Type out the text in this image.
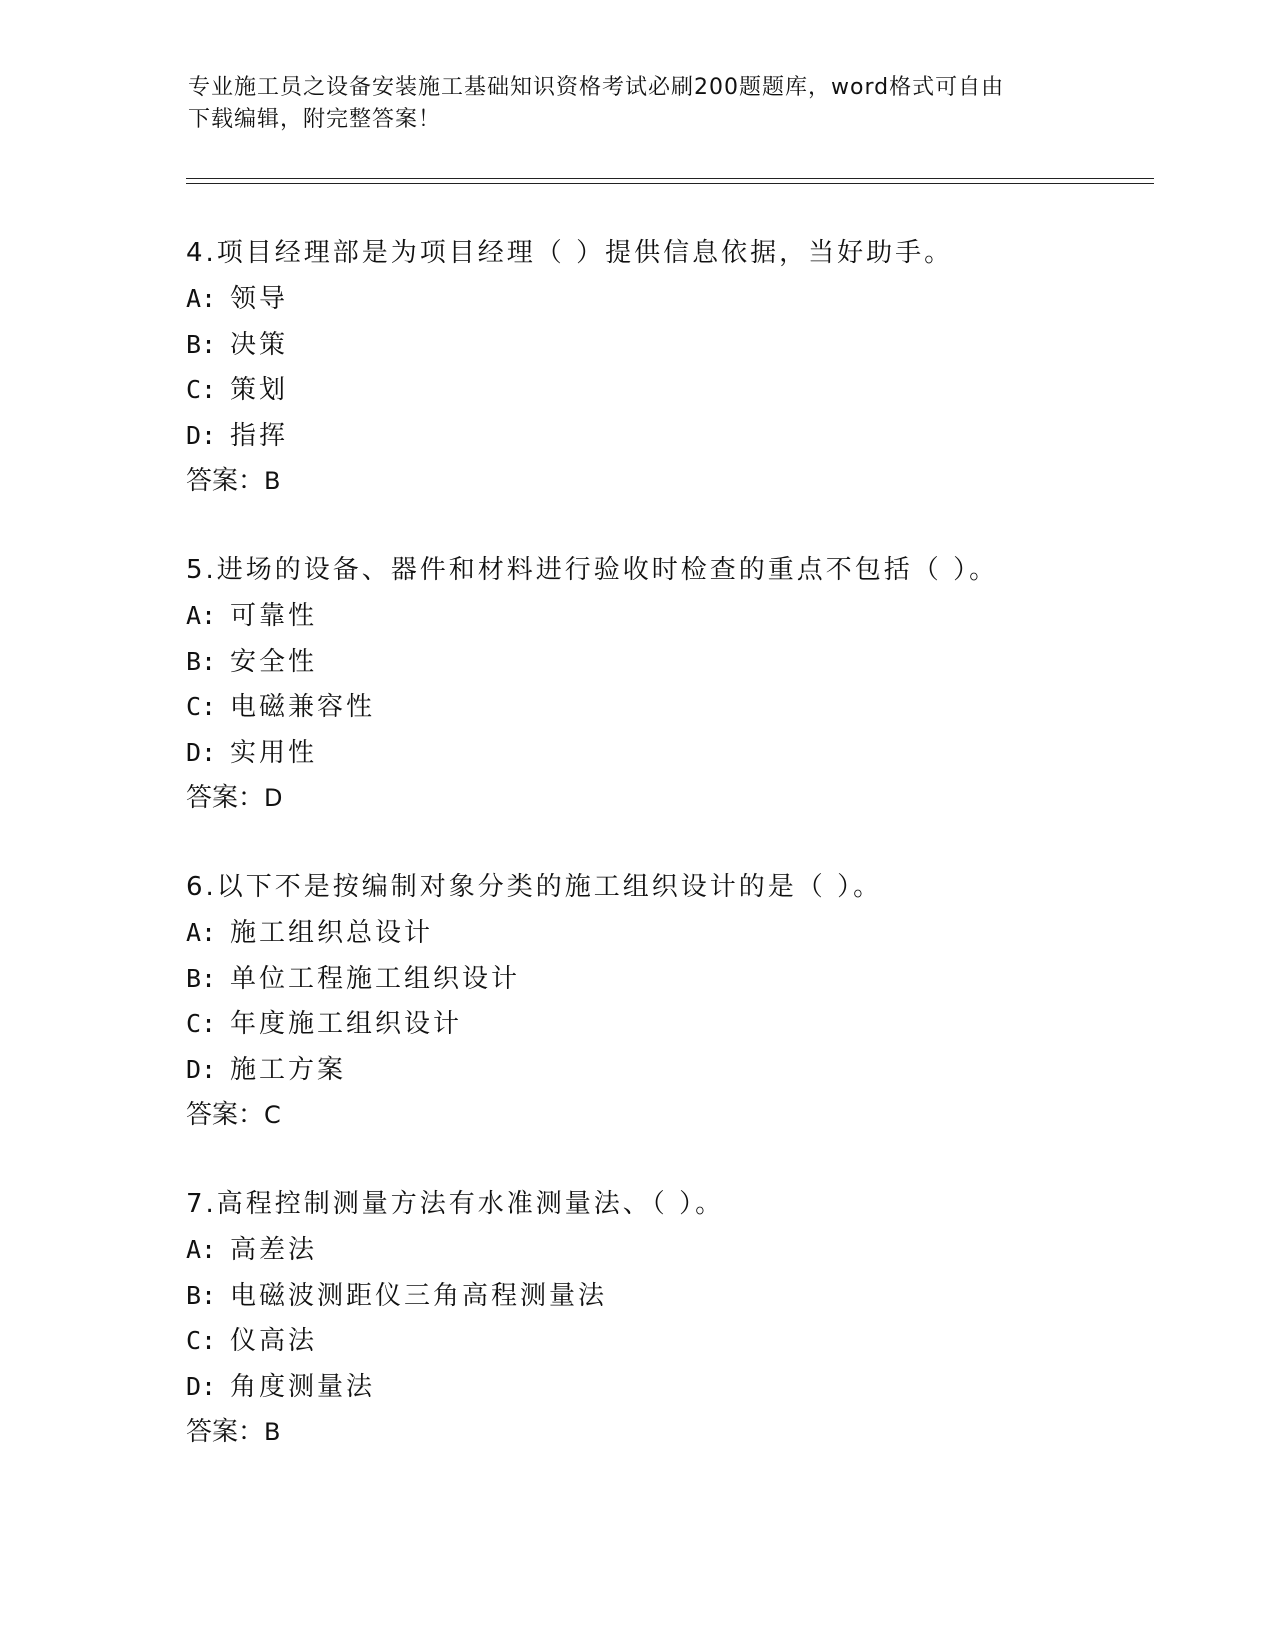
专业施工员之设备安装施工基础知识资格考试必刷200题题库，word格式可自由
下载编辑，附完整答案！
4.项目经理部是为项目经理（ ）提供信息依据，当好助手。
A: 领导
B: 决策
C: 策划
D: 指挥
答案：B
5.进场的设备、器件和材料进行验收时检查的重点不包括（ ）。
A: 可靠性
B: 安全性
C: 电磁兼容性
D: 实用性
答案：D
6.以下不是按编制对象分类的施工组织设计的是（ ）。
A: 施工组织总设计
B: 单位工程施工组织设计
C: 年度施工组织设计
D: 施工方案
答案：C
7.高程控制测量方法有水准测量法、（ ）。
A: 高差法
B: 电磁波测距仪三角高程测量法
C: 仪高法
D: 角度测量法
答案：B
